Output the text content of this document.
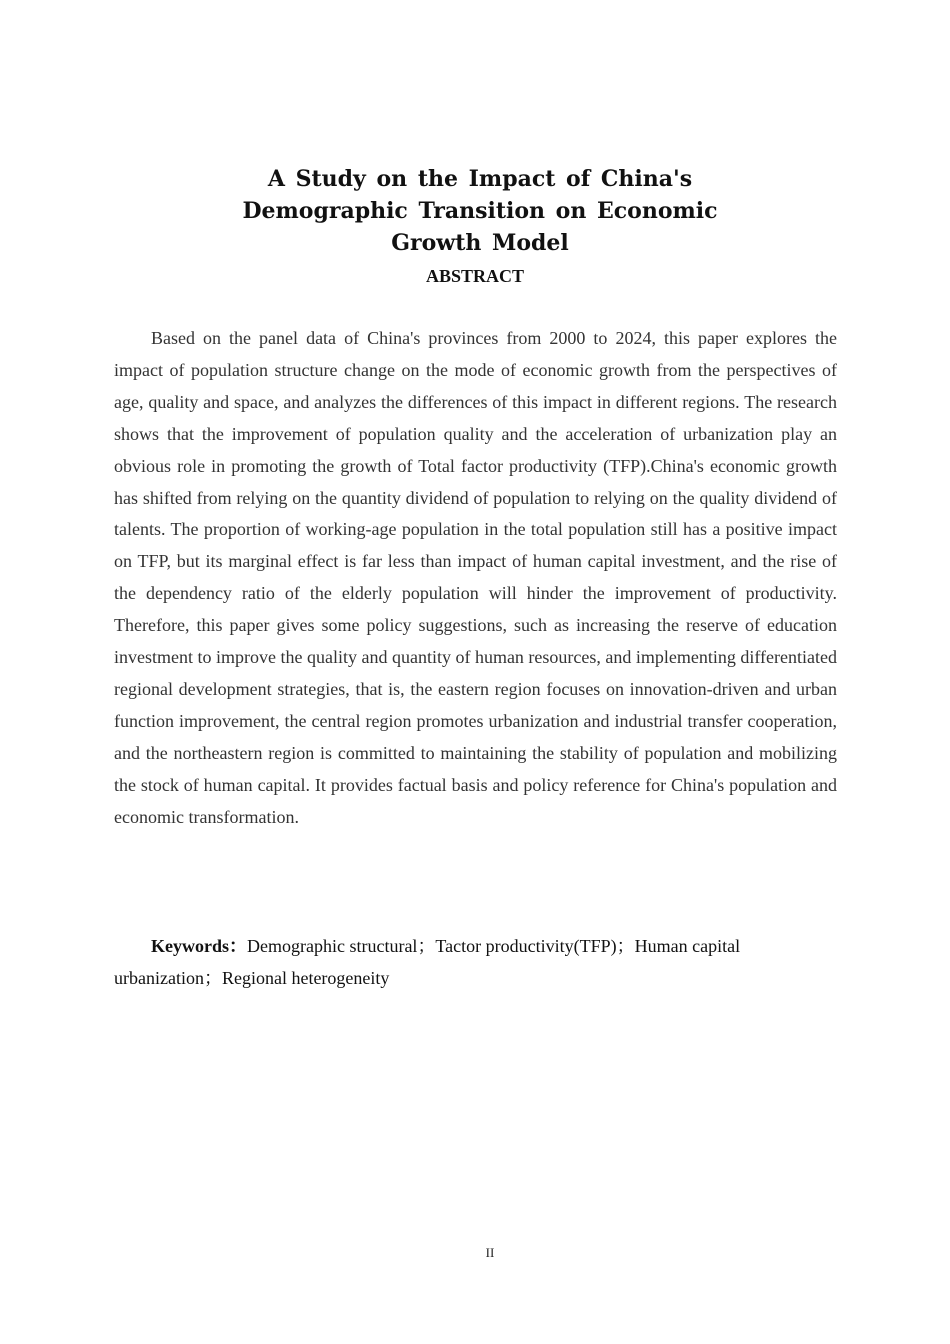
A Study on the Impact of China's Demographic Transition on Economic Growth Model
ABSTRACT

Based on the panel data of China's provinces from 2000 to 2024, this paper explores the impact of population structure change on the mode of economic growth from the perspectives of age, quality and space, and analyzes the differences of this impact in different regions. The research shows that the improvement of population quality and the acceleration of urbanization play an obvious role in promoting the growth of Total factor productivity (TFP).China's economic growth has shifted from relying on the quantity dividend of population to relying on the quality dividend of talents. The proportion of working-age population in the total population still has a positive impact on TFP, but its marginal effect is far less than impact of human capital investment, and the rise of the dependency ratio of the elderly population will hinder the improvement of productivity. Therefore, this paper gives some policy suggestions, such as increasing the reserve of education investment to improve the quality and quantity of human resources, and implementing differentiated regional development strategies, that is, the eastern region focuses on innovation-driven and urban function improvement, the central region promotes urbanization and industrial transfer cooperation, and the northeastern region is committed to maintaining the stability of population and mobilizing the stock of human capital. It provides factual basis and policy reference for China's population and economic transformation.

Keywords：Demographic structural；Tactor productivity(TFP)；Human capital urbanization；Regional heterogeneity

II
